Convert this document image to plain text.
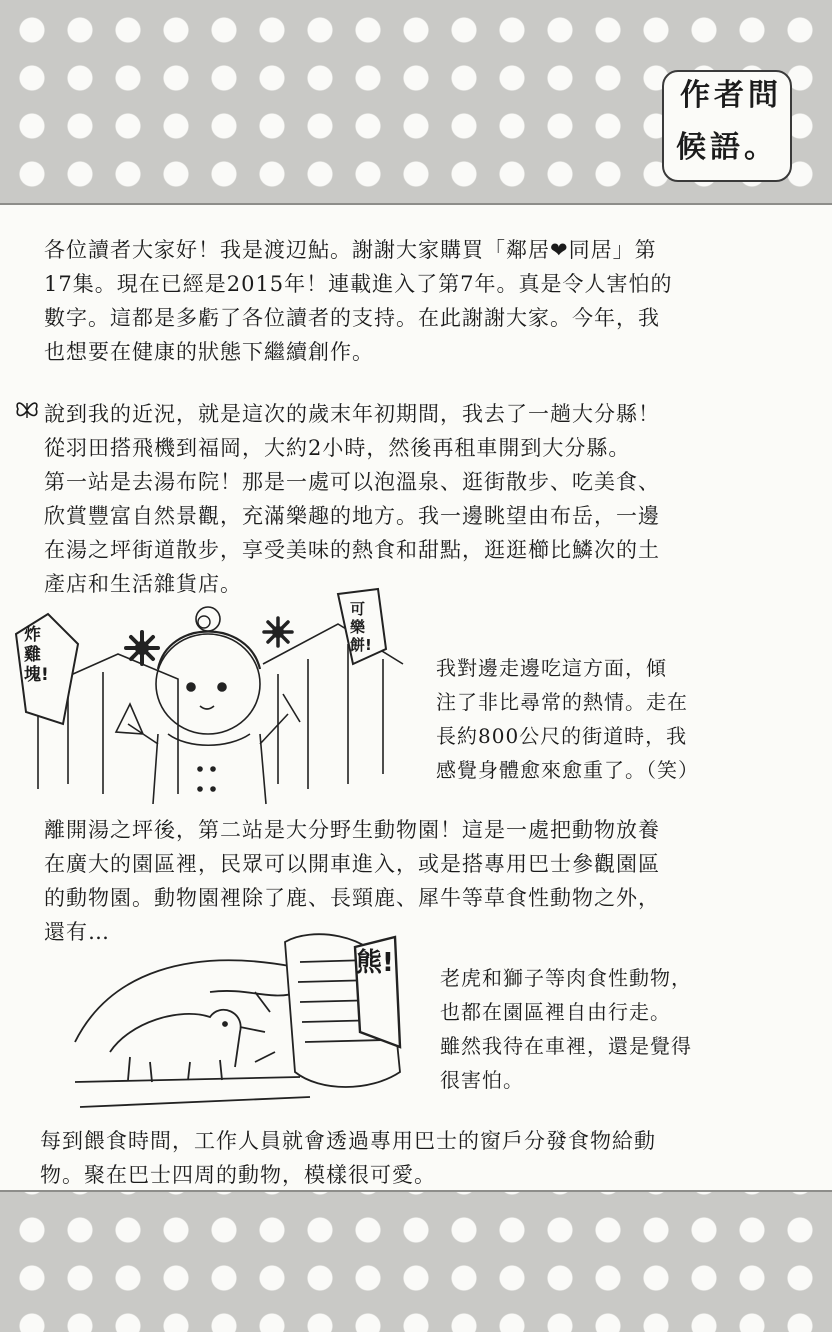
作者問
候語。
各位讀者大家好！我是渡辺鮎。謝謝大家購買「鄰居❤同居」第
17集。現在已經是2015年！連載進入了第7年。真是令人害怕的
數字。這都是多虧了各位讀者的支持。在此謝謝大家。今年，我
也想要在健康的狀態下繼續創作。
說到我的近況，就是這次的歲末年初期間，我去了一趟大分縣！
從羽田搭飛機到福岡，大約2小時，然後再租車開到大分縣。
第一站是去湯布院！那是一處可以泡溫泉、逛街散步、吃美食、
欣賞豐富自然景觀，充滿樂趣的地方。我一邊眺望由布岳，一邊
在湯之坪街道散步，享受美味的熱食和甜點，逛逛櫛比鱗次的土
產店和生活雜貨店。
炸雞塊!
可樂餅!
我對邊走邊吃這方面，傾
注了非比尋常的熱情。走在
長約800公尺的街道時，我
感覺身體愈來愈重了。（笑）
離開湯之坪後，第二站是大分野生動物園！這是一處把動物放養
在廣大的園區裡，民眾可以開車進入，或是搭專用巴士參觀園區
的動物園。動物園裡除了鹿、長頸鹿、犀牛等草食性動物之外，
還有…
熊! 老虎和獅子等肉食性動物，
也都在園區裡自由行走。
雖然我待在車裡，還是覺得
很害怕。
每到餵食時間，工作人員就會透過專用巴士的窗戶分發食物給動
物。聚在巴士四周的動物，模樣很可愛。
